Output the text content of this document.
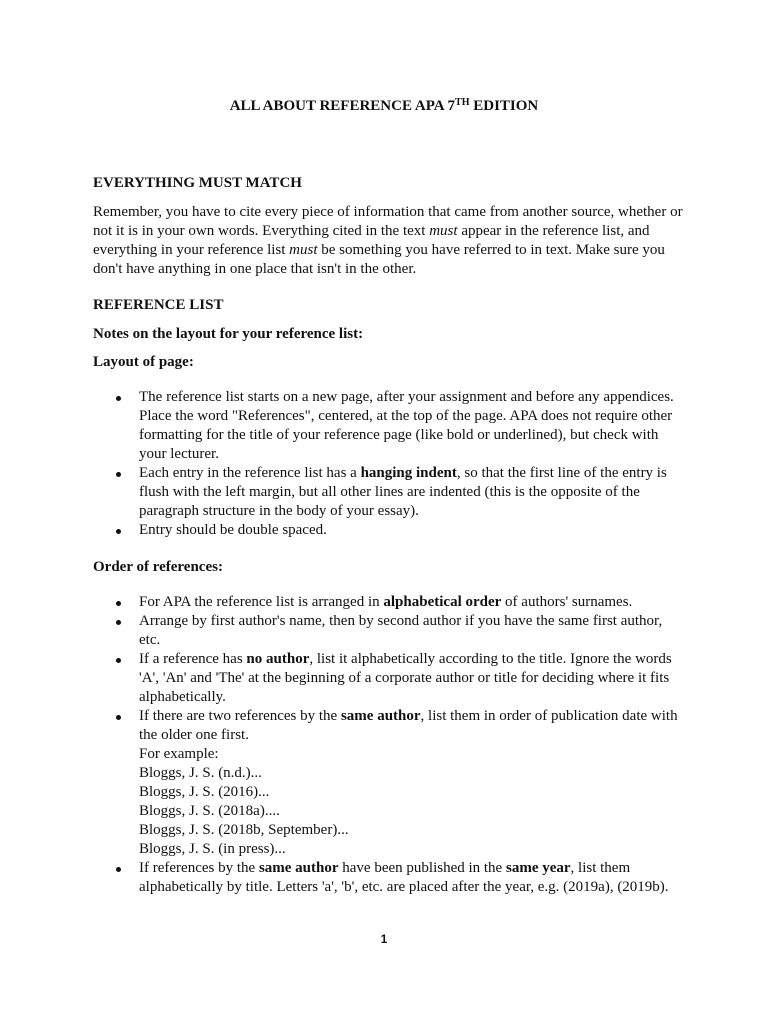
ALL ABOUT REFERENCE APA 7TH EDITION
EVERYTHING MUST MATCH

Remember, you have to cite every piece of information that came from another source, whether or not it is in your own words. Everything cited in the text must appear in the reference list, and everything in your reference list must be something you have referred to in text. Make sure you don't have anything in one place that isn't in the other.

REFERENCE LIST
Notes on the layout for your reference list:
Layout of page:
The reference list starts on a new page, after your assignment and before any appendices. Place the word "References", centered, at the top of the page. APA does not require other formatting for the title of your reference page (like bold or underlined), but check with your lecturer.
Each entry in the reference list has a hanging indent, so that the first line of the entry is flush with the left margin, but all other lines are indented (this is the opposite of the paragraph structure in the body of your essay).
Entry should be double spaced.
Order of references:
For APA the reference list is arranged in alphabetical order of authors' surnames.
Arrange by first author's name, then by second author if you have the same first author, etc.
If a reference has no author, list it alphabetically according to the title. Ignore the words 'A', 'An' and 'The' at the beginning of a corporate author or title for deciding where it fits alphabetically.
If there are two references by the same author, list them in order of publication date with the older one first.
For example:
Bloggs, J. S. (n.d.)...
Bloggs, J. S. (2016)...
Bloggs, J. S. (2018a)....
Bloggs, J. S. (2018b, September)...
Bloggs, J. S. (in press)...
If references by the same author have been published in the same year, list them alphabetically by title. Letters 'a', 'b', etc. are placed after the year, e.g. (2019a), (2019b).
1
